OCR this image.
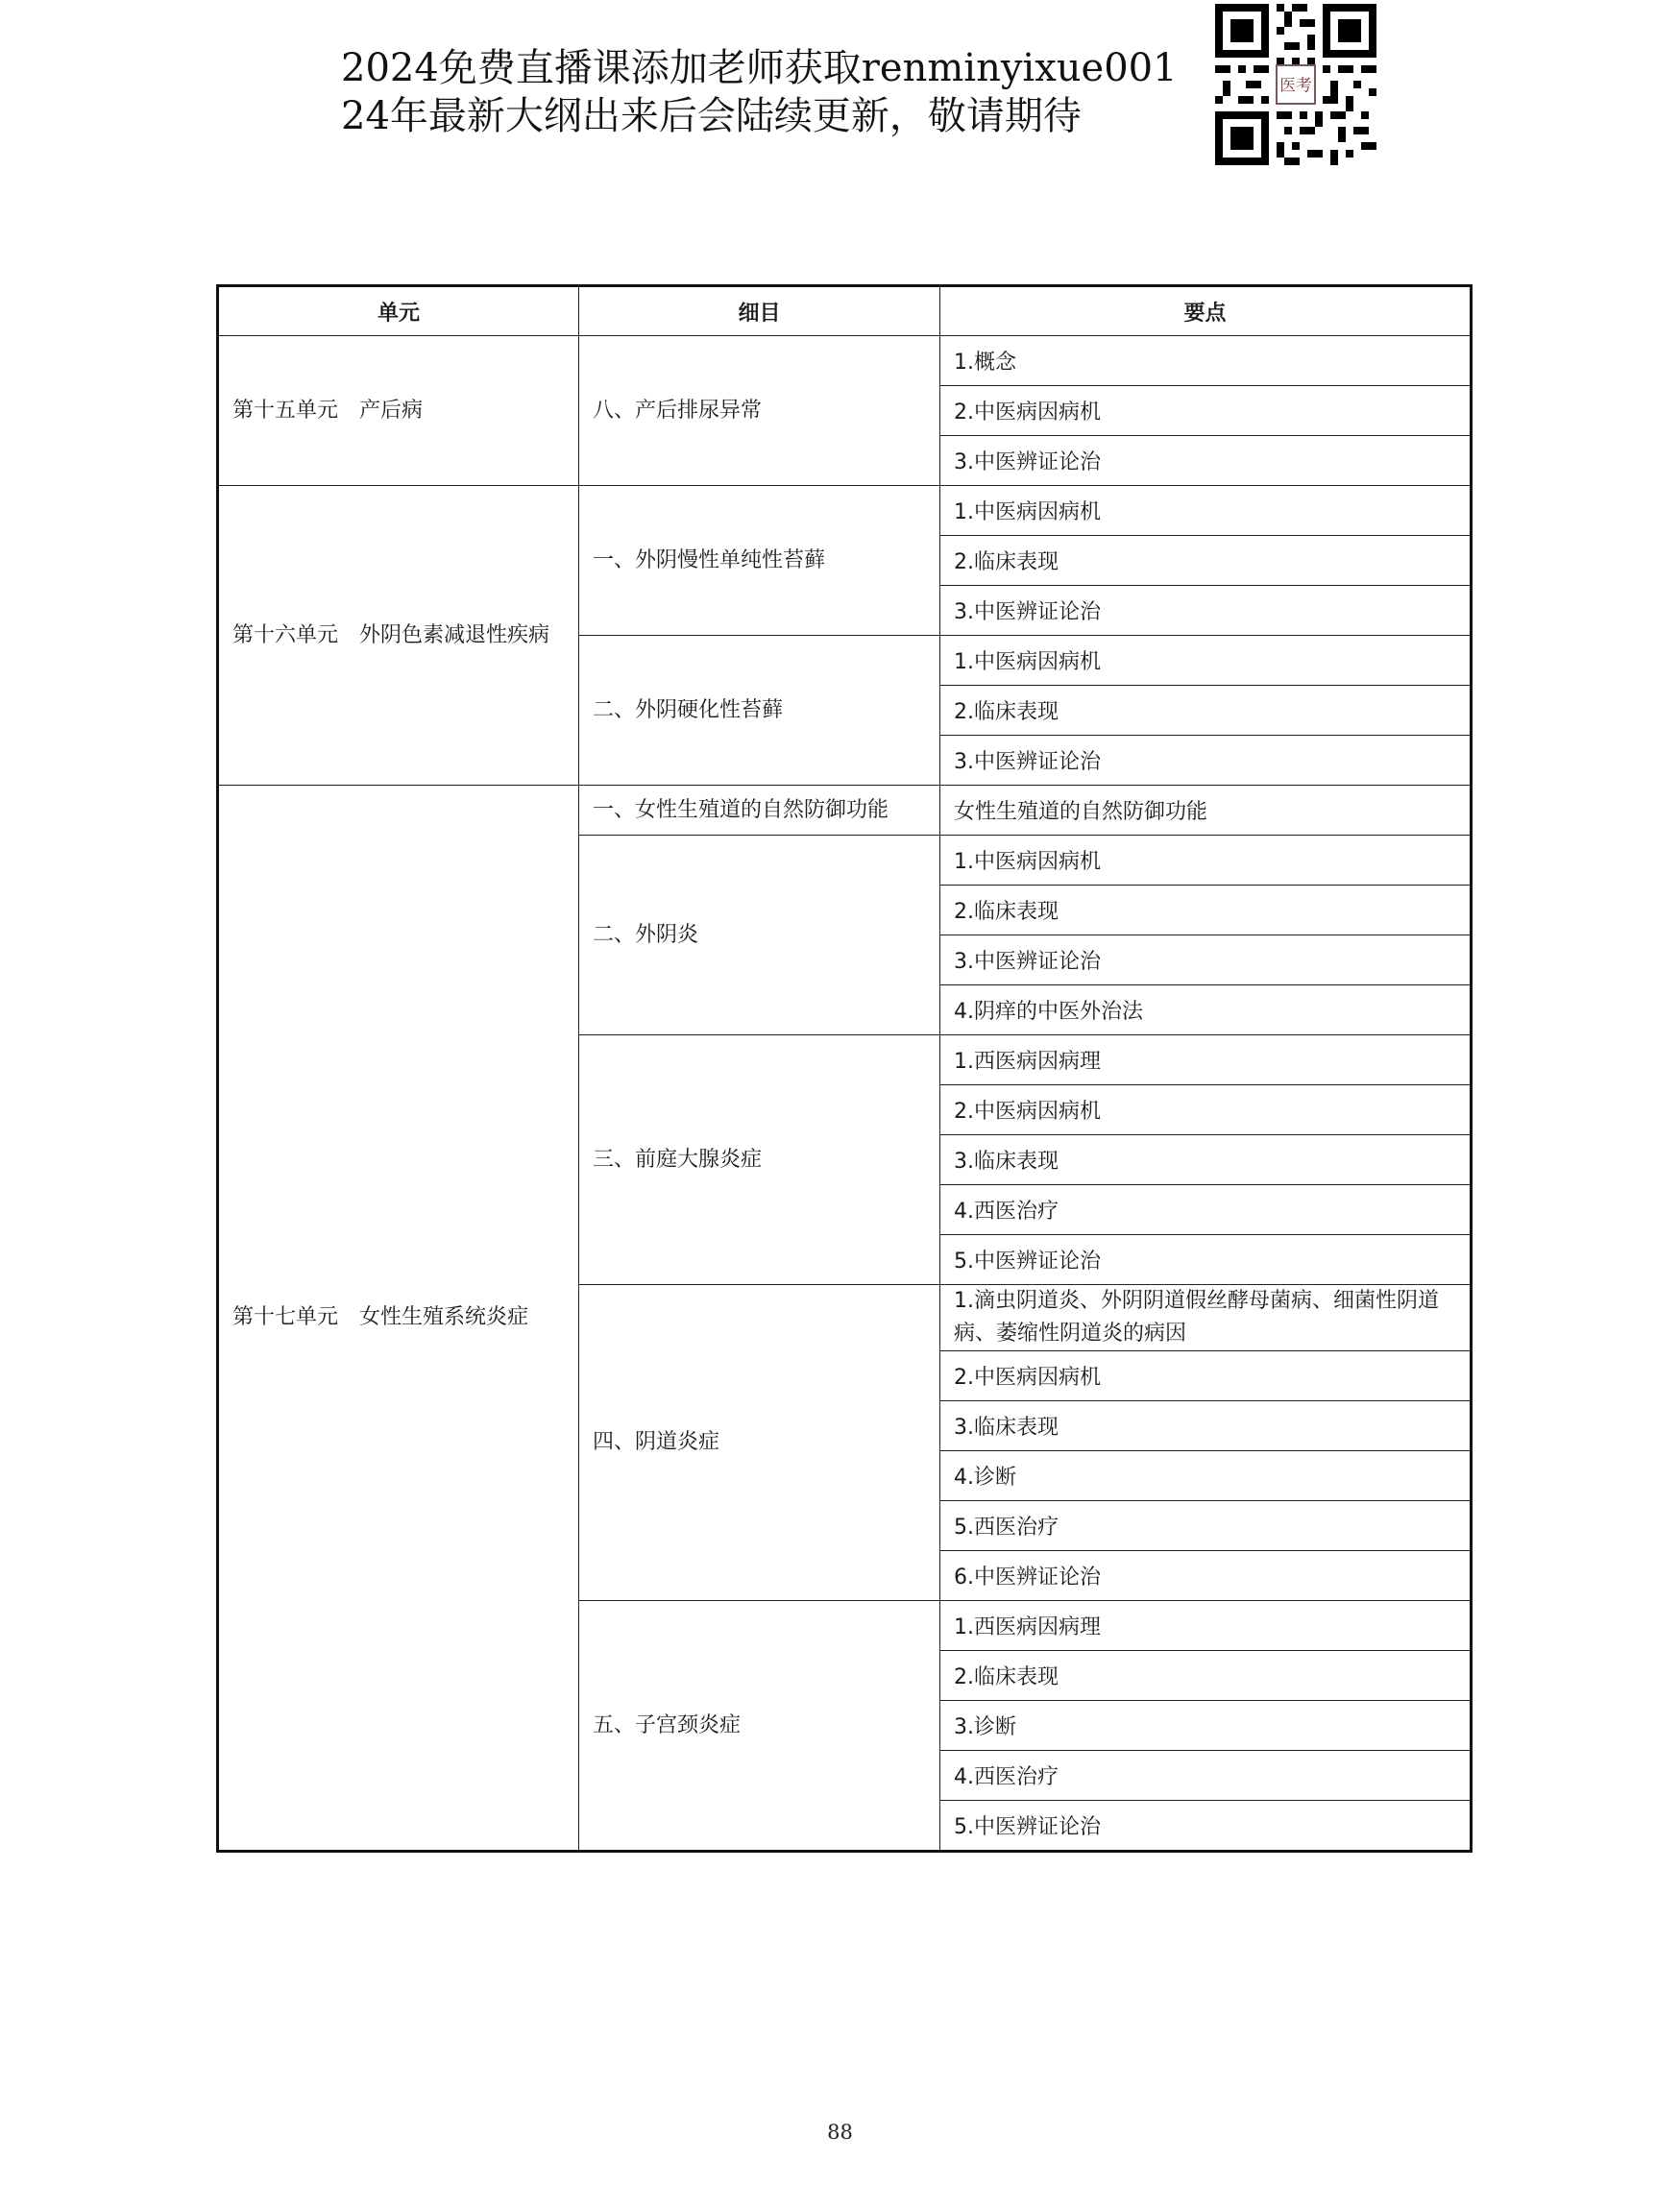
2024免费直播课添加老师获取renminyixue001
24年最新大纲出来后会陆续更新，敬请期待
医考
单元	细目	要点
第十五单元　产后病	八、产后排尿异常	1.概念
		2.中医病因病机
		3.中医辨证论治
第十六单元　外阴色素减退性疾病	一、外阴慢性单纯性苔藓	1.中医病因病机
		2.临床表现
		3.中医辨证论治
	二、外阴硬化性苔藓	1.中医病因病机
		2.临床表现
		3.中医辨证论治
第十七单元　女性生殖系统炎症	一、女性生殖道的自然防御功能	女性生殖道的自然防御功能
	二、外阴炎	1.中医病因病机
		2.临床表现
		3.中医辨证论治
		4.阴痒的中医外治法
	三、前庭大腺炎症	1.西医病因病理
		2.中医病因病机
		3.临床表现
		4.西医治疗
		5.中医辨证论治
	四、阴道炎症	1.滴虫阴道炎、外阴阴道假丝酵母菌病、细菌性阴道病、萎缩性阴道炎的病因
		2.中医病因病机
		3.临床表现
		4.诊断
		5.西医治疗
		6.中医辨证论治
	五、子宫颈炎症	1.西医病因病理
		2.临床表现
		3.诊断
		4.西医治疗
		5.中医辨证论治
88
